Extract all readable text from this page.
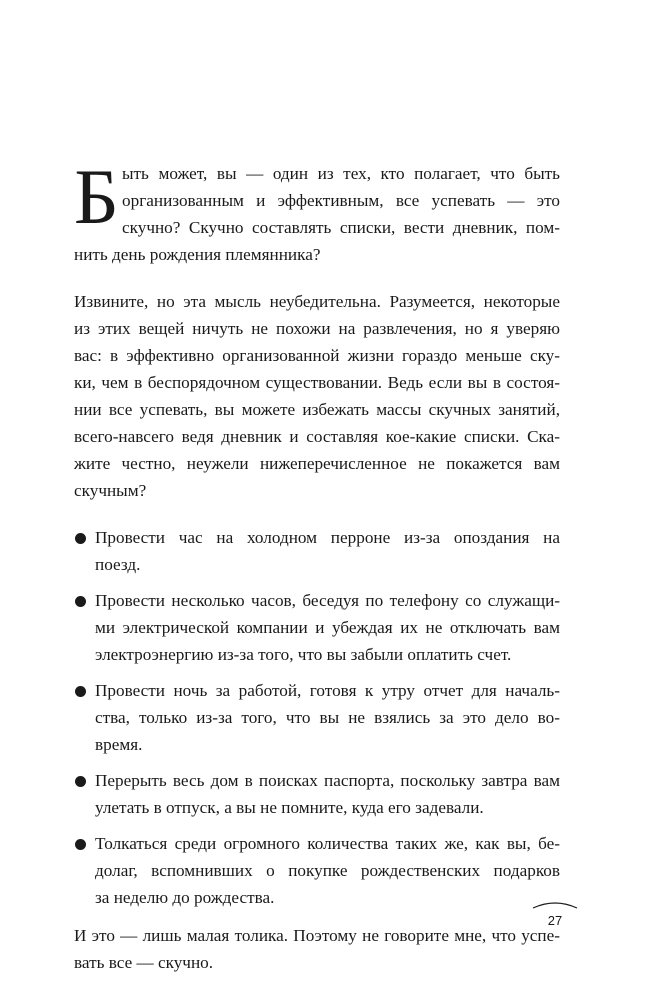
Б ыть может, вы — один из тех, кто полагает, что быть
организованным и эффективным, все успевать — это
скучно? Скучно составлять списки, вести дневник, пом-
нить день рождения племянника?
Извините, но эта мысль неубедительна. Разумеется, некоторые
из этих вещей ничуть не похожи на развлечения, но я уверяю
вас: в эффективно организованной жизни гораздо меньше ску-
ки, чем в беспорядочном существовании. Ведь если вы в состоя-
нии все успевать, вы можете избежать массы скучных занятий,
всего-навсего ведя дневник и составляя кое-какие списки. Ска-
жите честно, неужели нижеперечисленное не покажется вам
скучным?
Провести час на холодном перроне из-за опоздания на
поезд.
Провести несколько часов, беседуя по телефону со служащи-
ми электрической компании и убеждая их не отключать вам
электроэнергию из-за того, что вы забыли оплатить счет.
Провести ночь за работой, готовя к утру отчет для началь-
ства, только из-за того, что вы не взялись за это дело во-
время.
Перерыть весь дом в поисках паспорта, поскольку завтра вам
улетать в отпуск, а вы не помните, куда его задевали.
Толкаться среди огромного количества таких же, как вы, бе-
долаг, вспомнивших о покупке рождественских подарков
за неделю до рождества.
И это — лишь малая толика. Поэтому не говорите мне, что успе-
вать все — скучно.
27
